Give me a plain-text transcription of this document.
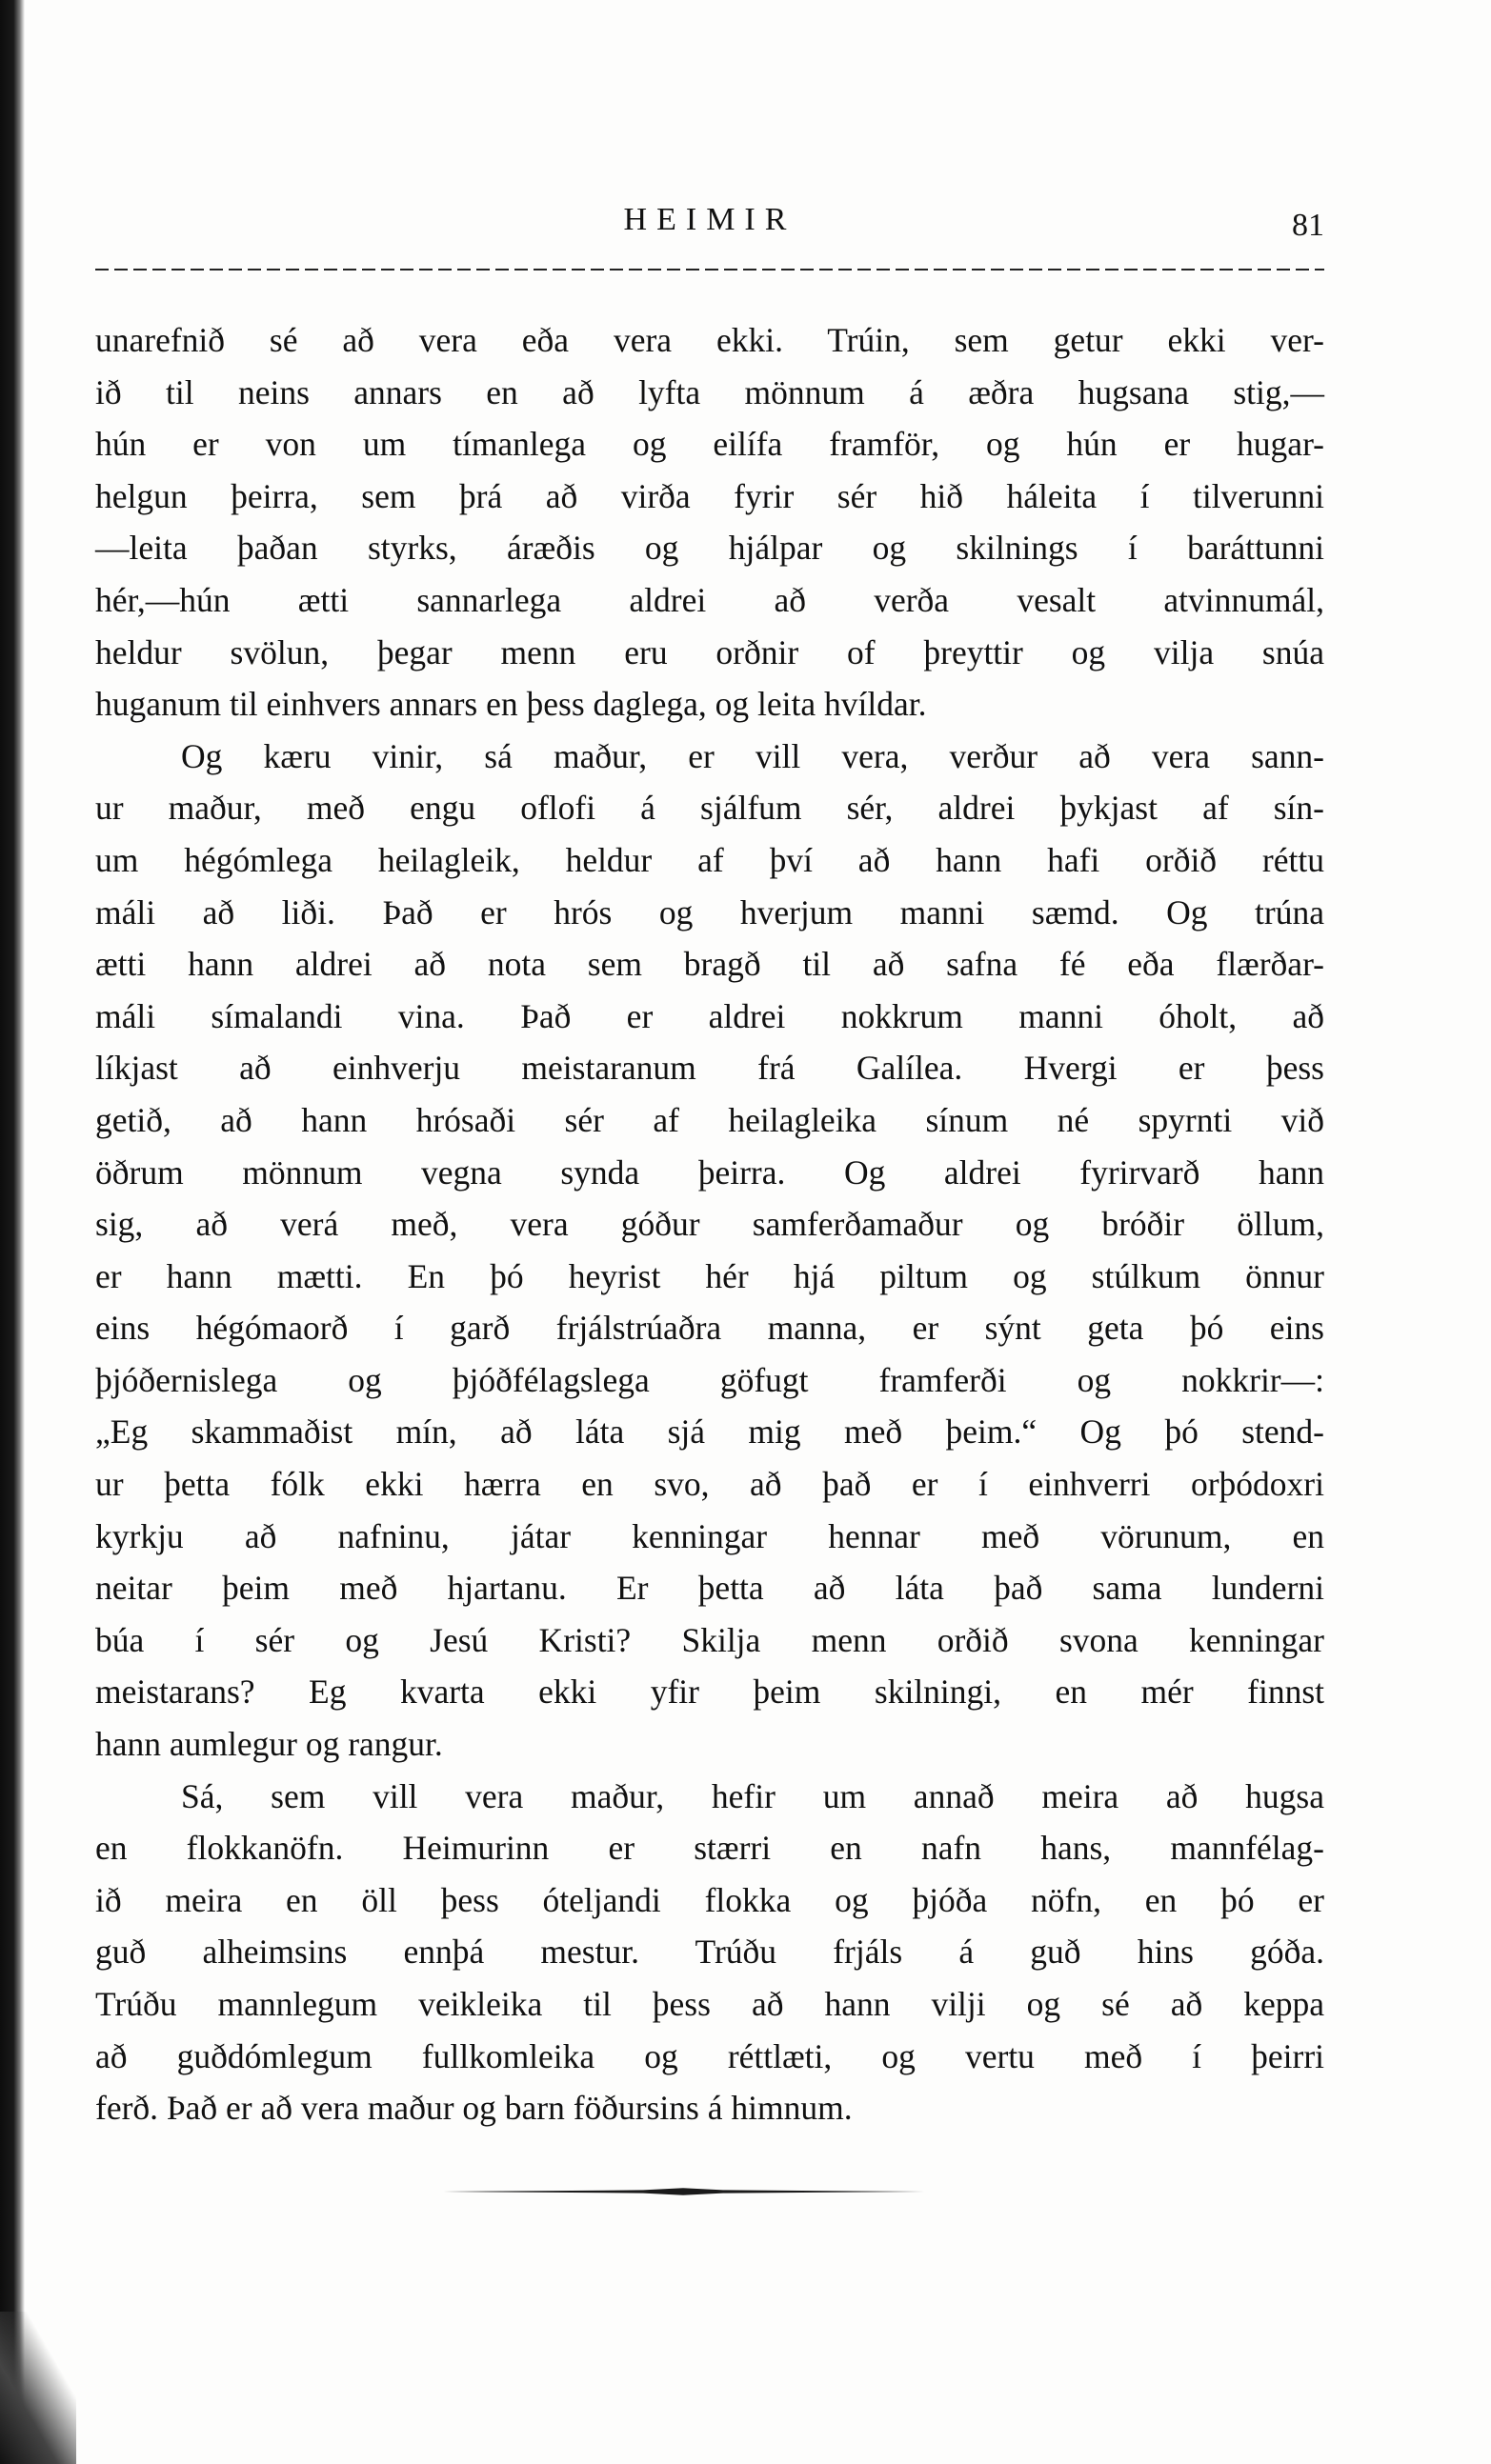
HEIMIR	81
unarefnið sé að vera eða vera ekki. Trúin, sem getur ekki ver-
ið til neins annars en að lyfta mönnum á æðra hugsana stig,—
hún er von um tímanlega og eilífa framför, og hún er hugar-
helgun þeirra, sem þrá að virða fyrir sér hið háleita í tilverunni
—leita þaðan styrks, áræðis og hjálpar og skilnings í baráttunni
hér,—hún ætti sannarlega aldrei að verða vesalt atvinnumál,
heldur svölun, þegar menn eru orðnir of þreyttir og vilja snúa
huganum til einhvers annars en þess daglega, og leita hvíldar.
Og kæru vinir, sá maður, er vill vera, verður að vera sann-
ur maður, með engu oflofi á sjálfum sér, aldrei þykjast af sín-
um hégómlega heilagleik, heldur af því að hann hafi orðið réttu
máli að liði. Það er hrós og hverjum manni sæmd. Og trúna
ætti hann aldrei að nota sem bragð til að safna fé eða flærðar-
máli símalandi vina. Það er aldrei nokkrum manni óholt, að
líkjast að einhverju meistaranum frá Galílea. Hvergi er þess
getið, að hann hrósaði sér af heilagleika sínum né spyrnti við
öðrum mönnum vegna synda þeirra. Og aldrei fyrirvarð hann
sig, að verá með, vera góður samferðamaður og bróðir öllum,
er hann mætti. En þó heyrist hér hjá piltum og stúlkum önnur
eins hégómaorð í garð frjálstrúaðra manna, er sýnt geta þó eins
þjóðernislega og þjóðfélagslega göfugt framferði og nokkrir—:
„Eg skammaðist mín, að láta sjá mig með þeim.“ Og þó stend-
ur þetta fólk ekki hærra en svo, að það er í einhverri orþódoxri
kyrkju að nafninu, játar kenningar hennar með vörunum, en
neitar þeim með hjartanu. Er þetta að láta það sama lunderni
búa í sér og Jesú Kristi? Skilja menn orðið svona kenningar
meistarans? Eg kvarta ekki yfir þeim skilningi, en mér finnst
hann aumlegur og rangur.
Sá, sem vill vera maður, hefir um annað meira að hugsa
en flokkanöfn. Heimurinn er stærri en nafn hans, mannfélag-
ið meira en öll þess óteljandi flokka og þjóða nöfn, en þó er
guð alheimsins ennþá mestur. Trúðu frjáls á guð hins góða.
Trúðu mannlegum veikleika til þess að hann vilji og sé að keppa
að guðdómlegum fullkomleika og réttlæti, og vertu með í þeirri
ferð. Það er að vera maður og barn föðursins á himnum.
